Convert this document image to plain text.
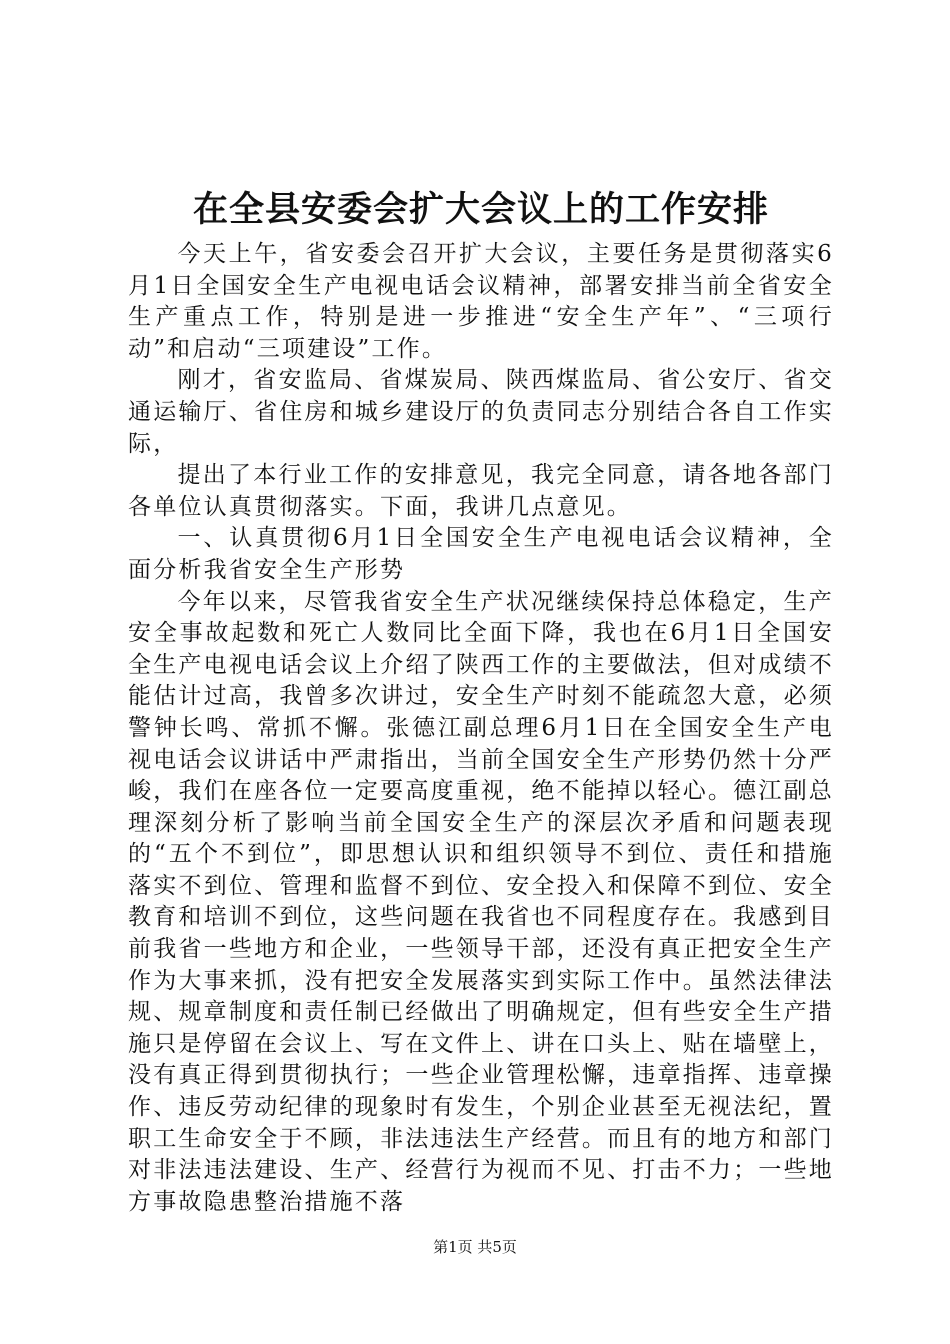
在全县安委会扩大会议上的工作安排

今天上午，省安委会召开扩大会议，主要任务是贯彻落实6月1日全国安全生产电视电话会议精神，部署安排当前全省安全生产重点工作，特别是进一步推进“安全生产年”、“三项行动”和启动“三项建设”工作。

刚才，省安监局、省煤炭局、陕西煤监局、省公安厅、省交通运输厅、省住房和城乡建设厅的负责同志分别结合各自工作实际，

提出了本行业工作的安排意见，我完全同意，请各地各部门各单位认真贯彻落实。下面，我讲几点意见。

一、认真贯彻6月1日全国安全生产电视电话会议精神，全面分析我省安全生产形势

今年以来，尽管我省安全生产状况继续保持总体稳定，生产安全事故起数和死亡人数同比全面下降，我也在6月1日全国安全生产电视电话会议上介绍了陕西工作的主要做法，但对成绩不能估计过高，我曾多次讲过，安全生产时刻不能疏忽大意，必须警钟长鸣、常抓不懈。张德江副总理6月1日在全国安全生产电视电话会议讲话中严肃指出，当前全国安全生产形势仍然十分严峻，我们在座各位一定要高度重视，绝不能掉以轻心。德江副总理深刻分析了影响当前全国安全生产的深层次矛盾和问题表现的“五个不到位”，即思想认识和组织领导不到位、责任和措施落实不到位、管理和监督不到位、安全投入和保障不到位、安全教育和培训不到位，这些问题在我省也不同程度存在。我感到目前我省一些地方和企业，一些领导干部，还没有真正把安全生产作为大事来抓，没有把安全发展落实到实际工作中。虽然法律法规、规章制度和责任制已经做出了明确规定，但有些安全生产措施只是停留在会议上、写在文件上、讲在口头上、贴在墙壁上，没有真正得到贯彻执行；一些企业管理松懈，违章指挥、违章操作、违反劳动纪律的现象时有发生，个别企业甚至无视法纪，置职工生命安全于不顾，非法违法生产经营。而且有的地方和部门对非法违法建设、生产、经营行为视而不见、打击不力；一些地方事故隐患整治措施不落

第1页 共5页
